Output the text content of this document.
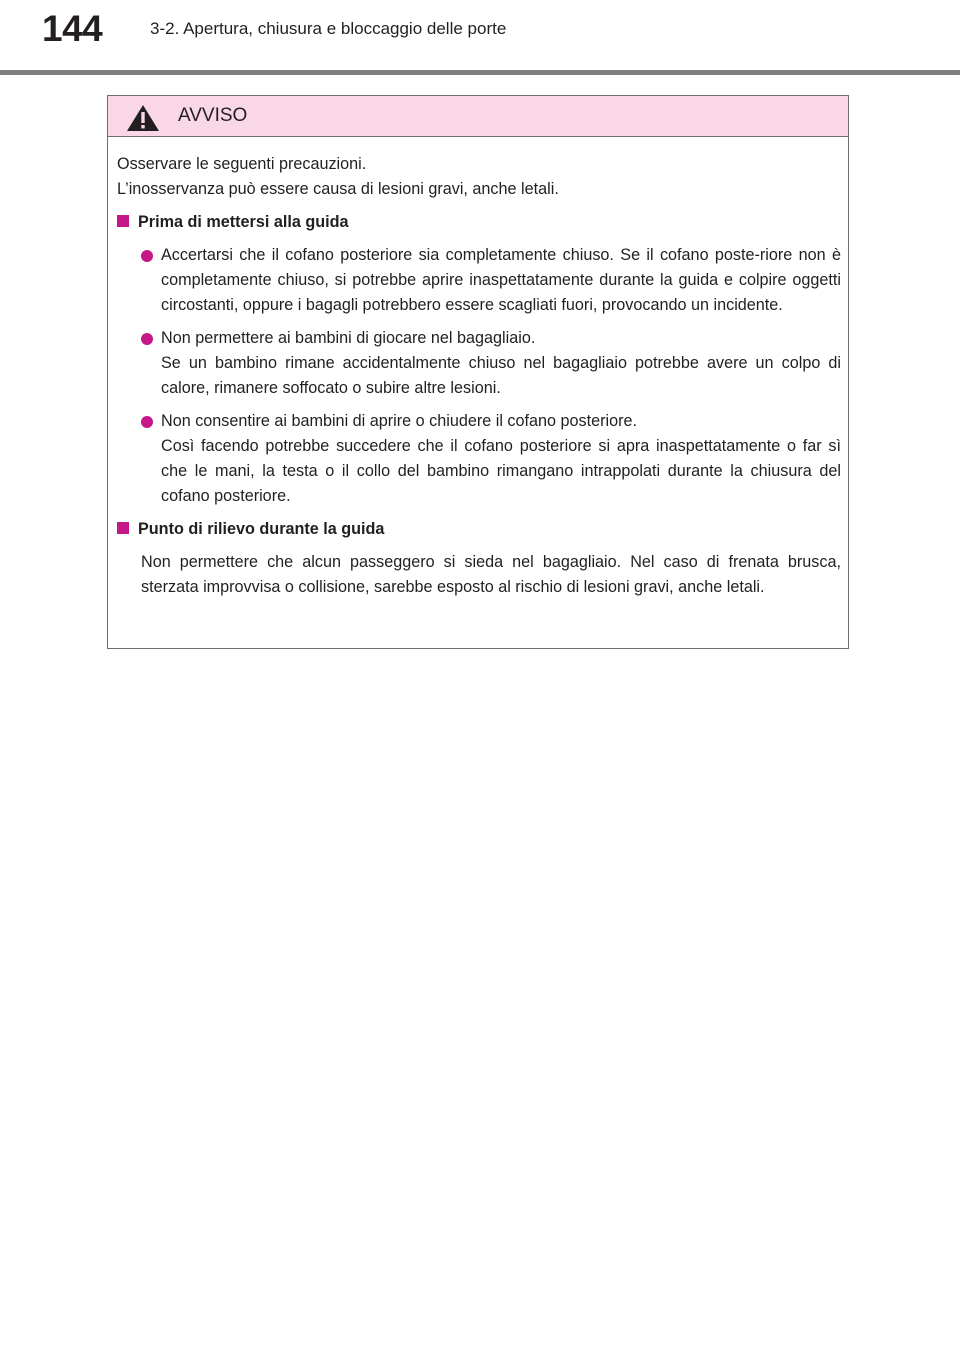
144	3-2. Apertura, chiusura e bloccaggio delle porte
AVVISO

Osservare le seguenti precauzioni.

L’inosservanza può essere causa di lesioni gravi, anche letali.

Prima di mettersi alla guida

Accertarsi che il cofano posteriore sia completamente chiuso. Se il cofano poste-riore non è completamente chiuso, si potrebbe aprire inaspettatamente durante la guida e colpire oggetti circostanti, oppure i bagagli potrebbero essere scagliati fuori, provocando un incidente.

Non permettere ai bambini di giocare nel bagagliaio.

Se un bambino rimane accidentalmente chiuso nel bagagliaio potrebbe avere un colpo di calore, rimanere soffocato o subire altre lesioni.

Non consentire ai bambini di aprire o chiudere il cofano posteriore.

Così facendo potrebbe succedere che il cofano posteriore si apra inaspettatamente o far sì che le mani, la testa o il collo del bambino rimangano intrappolati durante la chiusura del cofano posteriore.

Punto di rilievo durante la guida

Non permettere che alcun passeggero si sieda nel bagagliaio. Nel caso di frenata brusca, sterzata improvvisa o collisione, sarebbe esposto al rischio di lesioni gravi, anche letali.
